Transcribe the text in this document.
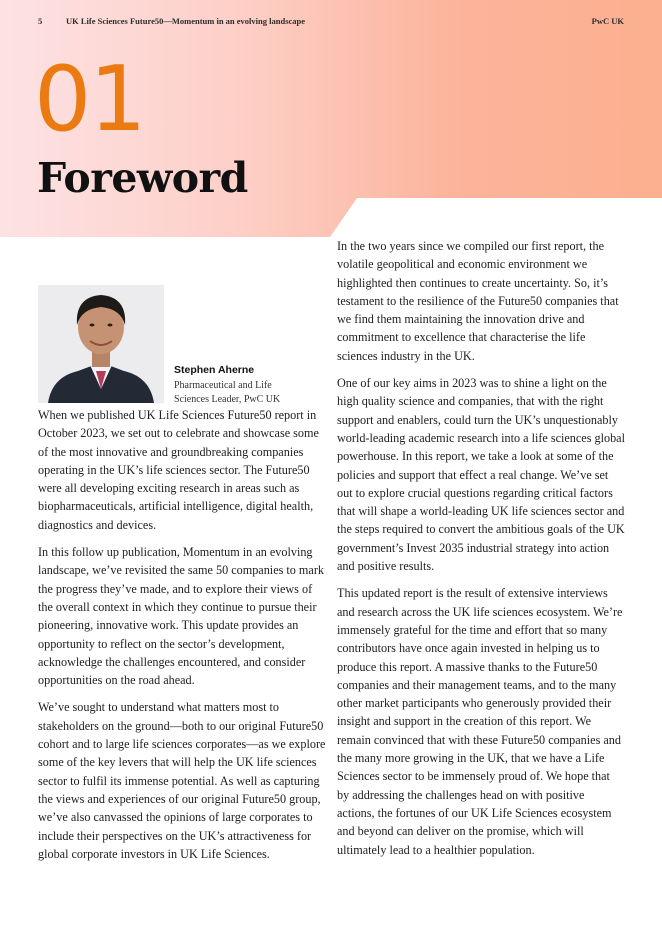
5	UK Life Sciences Future50—Momentum in an evolving landscape	PwC UK
01
Foreword
Stephen Aherne
Pharmaceutical and Life
Sciences Leader, PwC UK

When we published UK Life Sciences Future50 report in October 2023, we set out to celebrate and showcase some of the most innovative and groundbreaking companies operating in the UK’s life sciences sector. The Future50 were all developing exciting research in areas such as biopharmaceuticals, artificial intelligence, digital health, diagnostics and devices.

In this follow up publication, Momentum in an evolving landscape, we’ve revisited the same 50 companies to mark the progress they’ve made, and to explore their views of the overall context in which they continue to pursue their pioneering, innovative work. This update provides an opportunity to reflect on the sector’s development, acknowledge the challenges encountered, and consider opportunities on the road ahead.

We’ve sought to understand what matters most to stakeholders on the ground—both to our original Future50 cohort and to large life sciences corporates—as we explore some of the key levers that will help the UK life sciences sector to fulfil its immense potential. As well as capturing the views and experiences of our original Future50 group, we’ve also canvassed the opinions of large corporates to include their perspectives on the UK’s attractiveness for global corporate investors in UK Life Sciences.

In the two years since we compiled our first report, the volatile geopolitical and economic environment we highlighted then continues to create uncertainty. So, it’s testament to the resilience of the Future50 companies that we find them maintaining the innovation drive and commitment to excellence that characterise the life sciences industry in the UK.

One of our key aims in 2023 was to shine a light on the high quality science and companies, that with the right support and enablers, could turn the UK’s unquestionably world-leading academic research into a life sciences global powerhouse. In this report, we take a look at some of the policies and support that effect a real change. We’ve set out to explore crucial questions regarding critical factors that will shape a world-leading UK life sciences sector and the steps required to convert the ambitious goals of the UK government’s Invest 2035 industrial strategy into action and positive results.

This updated report is the result of extensive interviews and research across the UK life sciences ecosystem. We’re immensely grateful for the time and effort that so many contributors have once again invested in helping us to produce this report. A massive thanks to the Future50 companies and their management teams, and to the many other market participants who generously provided their insight and support in the creation of this report. We remain convinced that with these Future50 companies and the many more growing in the UK, that we have a Life Sciences sector to be immensely proud of. We hope that by addressing the challenges head on with positive actions, the fortunes of our UK Life Sciences ecosystem and beyond can deliver on the promise, which will ultimately lead to a healthier population.
